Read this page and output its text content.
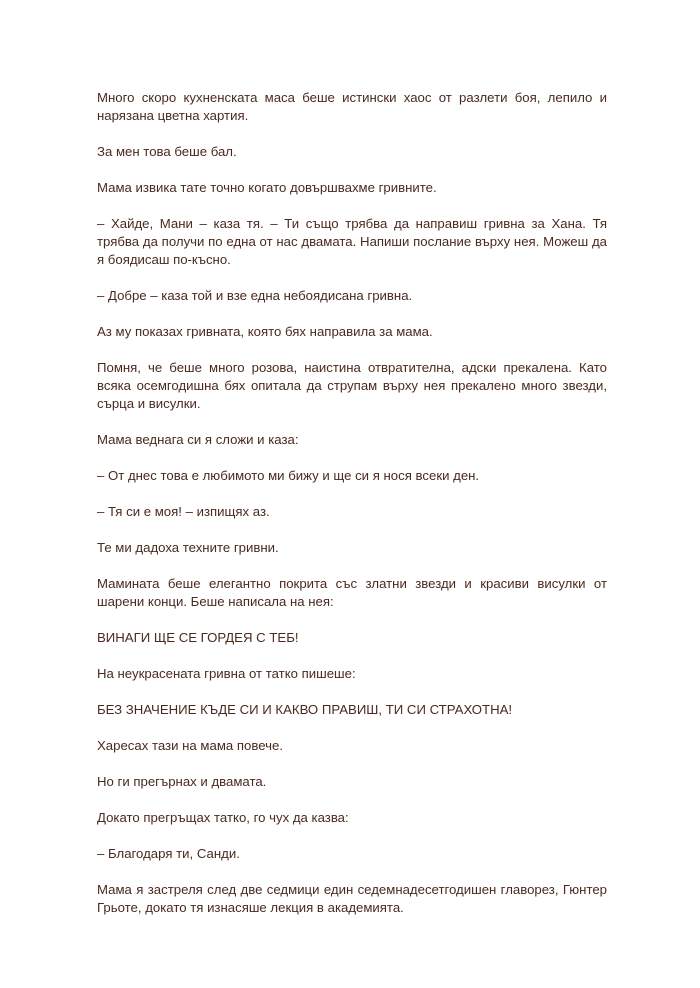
Много скоро кухненската маса беше истински хаос от разлети боя, лепило и нарязана цветна хартия.

За мен това беше бал.

Мама извика тате точно когато довършвахме гривните.

– Хайде, Мани – каза тя. – Ти също трябва да направиш гривна за Хана. Тя трябва да получи по една от нас двамата. Напиши послание върху нея. Можеш да я боядисаш по-късно.

– Добре – каза той и взе една небоядисана гривна.

Аз му показах гривната, която бях направила за мама.

Помня, че беше много розова, наистина отвратителна, адски прекалена. Като всяка осемгодишна бях опитала да струпам върху нея прекалено много звезди, сърца и висулки.

Мама веднага си я сложи и каза:

– От днес това е любимото ми бижу и ще си я нося всеки ден.

– Тя си е моя! – изпищях аз.

Те ми дадоха техните гривни.

Мамината беше елегантно покрита със златни звезди и красиви висулки от шарени конци. Беше написала на нея:

ВИНАГИ ЩЕ СЕ ГОРДЕЯ С ТЕБ!

На неукрасената гривна от татко пишеше:

БЕЗ ЗНАЧЕНИЕ КЪДЕ СИ И КАКВО ПРАВИШ, ТИ СИ СТРАХОТНА!

Харесах тази на мама повече.

Но ги прегърнах и двамата.

Докато прегръщах татко, го чух да казва:

– Благодаря ти, Санди.

Мама я застреля след две седмици един седемнадесетгодишен главорез, Гюнтер Грьоте, докато тя изнасяше лекция в академията.
